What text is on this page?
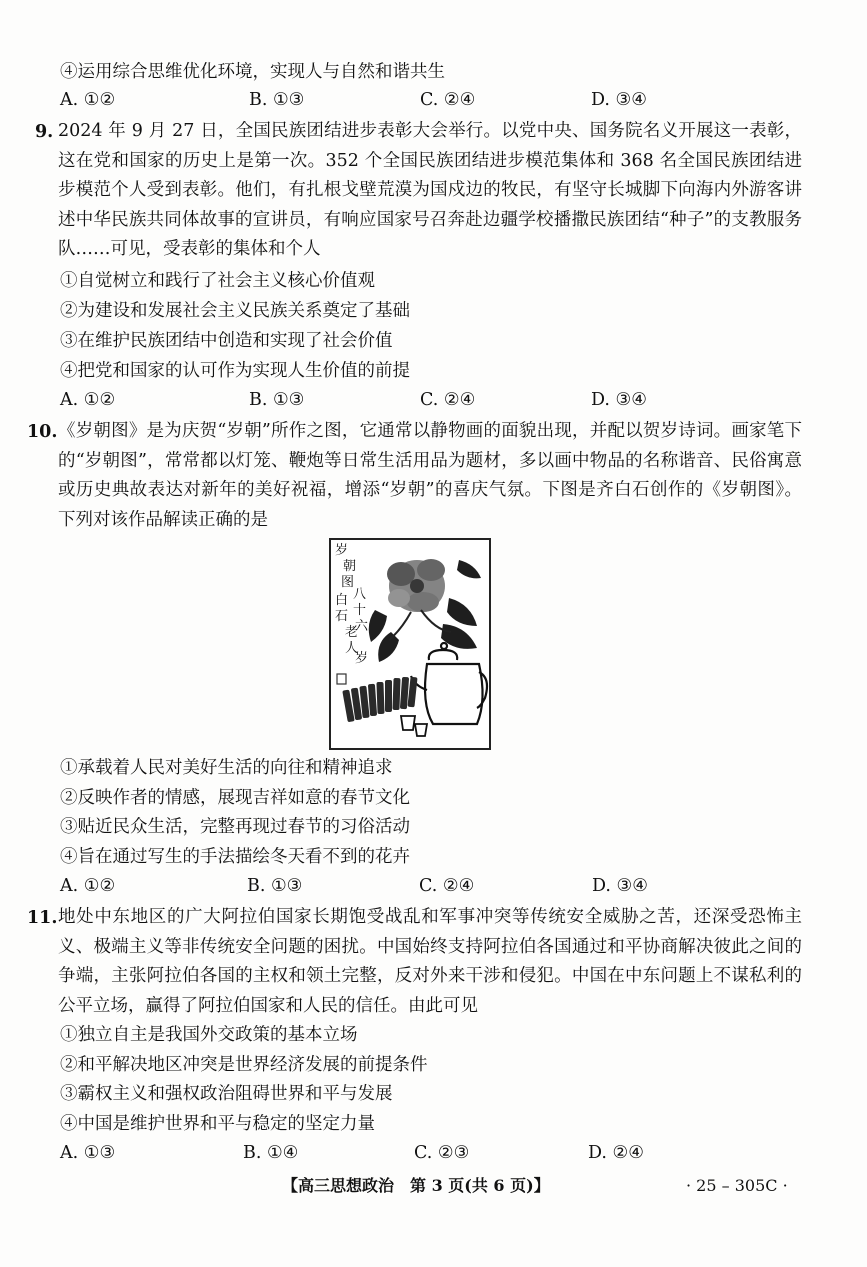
④运用综合思维优化环境，实现人与自然和谐共生
A. ①②	B. ①③	C. ②④	D. ③④
9. 2024 年 9 月 27 日，全国民族团结进步表彰大会举行。以党中央、国务院名义开展这一表彰，这在党和国家的历史上是第一次。352 个全国民族团结进步模范集体和 368 名全国民族团结进步模范个人受到表彰。他们，有扎根戈壁荒漠为国戍边的牧民，有坚守长城脚下向海内外游客讲述中华民族共同体故事的宣讲员，有响应国家号召奔赴边疆学校播撒民族团结“种子”的支教服务队……可见，受表彰的集体和个人
①自觉树立和践行了社会主义核心价值观
②为建设和发展社会主义民族关系奠定了基础
③在维护民族团结中创造和实现了社会价值
④把党和国家的认可作为实现人生价值的前提
A. ①②	B. ①③	C. ②④	D. ③④
10. 《岁朝图》是为庆贺“岁朝”所作之图，它通常以静物画的面貌出现，并配以贺岁诗词。画家笔下的“岁朝图”，常常都以灯笼、鞭炮等日常生活用品为题材，多以画中物品的名称谐音、民俗寓意或历史典故表达对新年的美好祝福，增添“岁朝”的喜庆气氛。下图是齐白石创作的《岁朝图》。下列对该作品解读正确的是
岁
朝
图
白
石
老
人
八
十
六
岁
①承载着人民对美好生活的向往和精神追求
②反映作者的情感，展现吉祥如意的春节文化
③贴近民众生活，完整再现过春节的习俗活动
④旨在通过写生的手法描绘冬天看不到的花卉
A. ①②	B. ①③	C. ②④	D. ③④
11. 地处中东地区的广大阿拉伯国家长期饱受战乱和军事冲突等传统安全威胁之苦，还深受恐怖主义、极端主义等非传统安全问题的困扰。中国始终支持阿拉伯各国通过和平协商解决彼此之间的争端，主张阿拉伯各国的主权和领土完整，反对外来干涉和侵犯。中国在中东问题上不谋私利的公平立场，赢得了阿拉伯国家和人民的信任。由此可见
①独立自主是我国外交政策的基本立场
②和平解决地区冲突是世界经济发展的前提条件
③霸权主义和强权政治阻碍世界和平与发展
④中国是维护世界和平与稳定的坚定力量
A. ①③	B. ①④	C. ②③	D. ②④
【高三思想政治　第 3 页(共 6 页)】	· 25 – 305C ·
